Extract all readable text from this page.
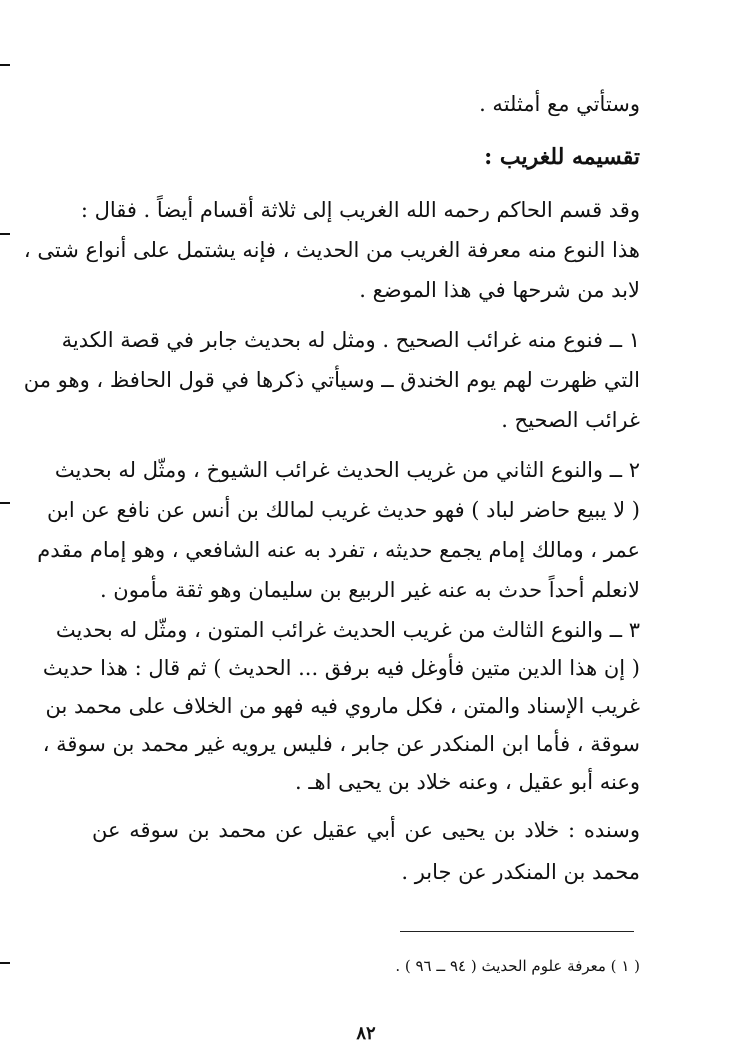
وستأتي مع أمثلته .
تقسيمه للغريب :
وقد قسم الحاكم رحمه الله الغريب إلى ثلاثة أقسام أيضاً . فقال :
هذا النوع منه معرفة الغريب من الحديث ، فإنه يشتمل على أنواع شتى ،
لابد من شرحها في هذا الموضع .
١ ــ فنوع منه غرائب الصحيح . ومثل له بحديث جابر في قصة الكدية
التي ظهرت لهم يوم الخندق ــ وسيأتي ذكرها في قول الحافظ ، وهو من
غرائب الصحيح .
٢ ــ والنوع الثاني من غريب الحديث غرائب الشيوخ ، ومثّل له بحديث
( لا يبيع حاضر لباد ) فهو حديث غريب لمالك بن أنس عن نافع عن ابن
عمر ، ومالك إمام يجمع حديثه ، تفرد به عنه الشافعي ، وهو إمام مقدم
لانعلم أحداً حدث به عنه غير الربيع بن سليمان وهو ثقة مأمون .
٣ ــ والنوع الثالث من غريب الحديث غرائب المتون ، ومثّل له بحديث
( إن هذا الدين متين فأوغل فيه برفق ... الحديث ) ثم قال : هذا حديث
غريب الإسناد والمتن ، فكل ماروي فيه فهو من الخلاف على محمد بن
سوقة ، فأما ابن المنكدر عن جابر ، فليس يرويه غير محمد بن سوقة ،
وعنه أبو عقيل ، وعنه خلاد بن يحيى اهـ .
وسنده : خلاد بن يحيى عن أبي عقيل عن محمد بن سوقه عن
محمد بن المنكدر عن جابر .
( ١ ) معرفة علوم الحديث ( ٩٤ ــ ٩٦ ) .
٨٢
